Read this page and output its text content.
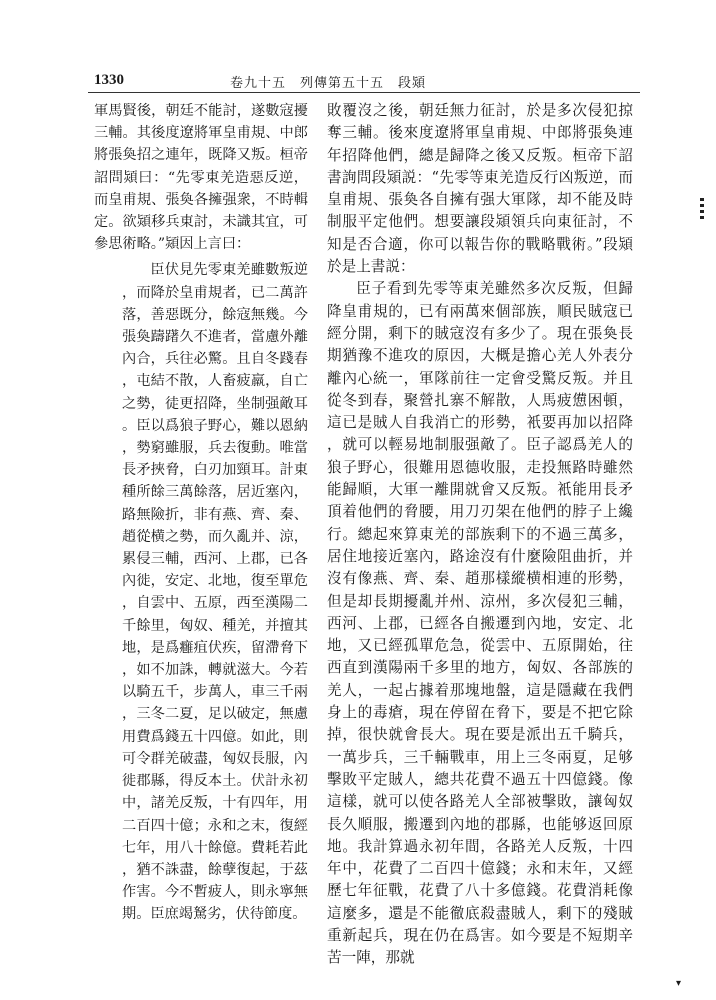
1330	卷九十五　列傳第五十五　段熲

軍馬賢後，朝廷不能討，遂數寇擾三輔。其後度遼將軍皇甫規、中郎將張奐招之連年，既降又叛。桓帝詔問熲曰：“先零東羌造惡反逆，而皇甫規、張奐各擁强衆，不時輯定。欲熲移兵東討，未識其宜，可參思術略。”熲因上言曰：

臣伏見先零東羌雖數叛逆，而降於皇甫規者，已二萬許落，善惡既分，餘寇無幾。今張奐躊躇久不進者，當慮外離內合，兵往必驚。且自冬踐春，屯結不散，人畜疲羸，自亡之勢，徒更招降，坐制强敵耳。臣以爲狼子野心，難以恩納，勢窮雖服，兵去復動。唯當長矛挾脅，白刃加頸耳。計東種所餘三萬餘落，居近塞內，路無險折，非有燕、齊、秦、趙從横之勢，而久亂并、涼，累侵三輔，西河、上郡，已各內徙，安定、北地，復至單危，自雲中、五原，西至漢陽二千餘里，匈奴、種羌，并擅其地，是爲癰疽伏疾，留滯脅下，如不加誅，轉就滋大。今若以騎五千，步萬人，車三千兩，三冬二夏，足以破定，無慮用費爲錢五十四億。如此，則可令群羌破盡，匈奴長服，內徙郡縣，得反本土。伏計永初中，諸羌反叛，十有四年，用二百四十億；永和之末，復經七年，用八十餘億。費耗若此，猶不誅盡，餘孽復起，于茲作害。今不暫疲人，則永寧無期。臣庶竭駑劣，伏待節度。

敗覆沒之後，朝廷無力征討，於是多次侵犯掠奪三輔。後來度遼將軍皇甫規、中郎將張奐連年招降他們，總是歸降之後又反叛。桓帝下詔書詢問段熲説：“先零等東羌造反行凶叛逆，而皇甫規、張奐各自擁有强大軍隊，却不能及時制服平定他們。想要讓段熲領兵向東征討，不知是否合適，你可以報告你的戰略戰術。”段熲於是上書説：

臣子看到先零等東羌雖然多次反叛，但歸降皇甫規的，已有兩萬來個部族，順民賊寇已經分開，剩下的賊寇沒有多少了。現在張奐長期猶豫不進攻的原因，大概是擔心羌人外表分離內心統一，軍隊前往一定會受驚反叛。并且從冬到春，聚營扎寨不解散，人馬疲憊困頓，這已是賊人自我消亡的形勢，衹要再加以招降，就可以輕易地制服强敵了。臣子認爲羌人的狼子野心，很難用恩德收服，走投無路時雖然能歸順，大軍一離開就會又反叛。衹能用長矛頂着他們的脅腰，用刀刃架在他們的脖子上纔行。總起來算東羌的部族剩下的不過三萬多，居住地接近塞內，路途沒有什麼險阻曲折，并沒有像燕、齊、秦、趙那樣縱横相連的形勢，但是却長期擾亂并州、涼州，多次侵犯三輔，西河、上郡，已經各自搬遷到內地，安定、北地，又已經孤單危急，從雲中、五原開始，往西直到漢陽兩千多里的地方，匈奴、各部族的羌人，一起占據着那塊地盤，這是隱藏在我們身上的毒瘡，現在停留在脅下，要是不把它除掉，很快就會長大。現在要是派出五千騎兵，一萬步兵，三千輛戰車，用上三冬兩夏，足够擊敗平定賊人，總共花費不過五十四億錢。像這樣，就可以使各路羌人全部被擊敗，讓匈奴長久順服，搬遷到內地的郡縣，也能够返回原地。我計算過永初年間，各路羌人反叛，十四年中，花費了二百四十億錢；永和末年，又經歷七年征戰，花費了八十多億錢。花費消耗像這麼多，還是不能徹底殺盡賊人，剩下的殘賊重新起兵，現在仍在爲害。如今要是不短期辛苦一陣，那就

▾
